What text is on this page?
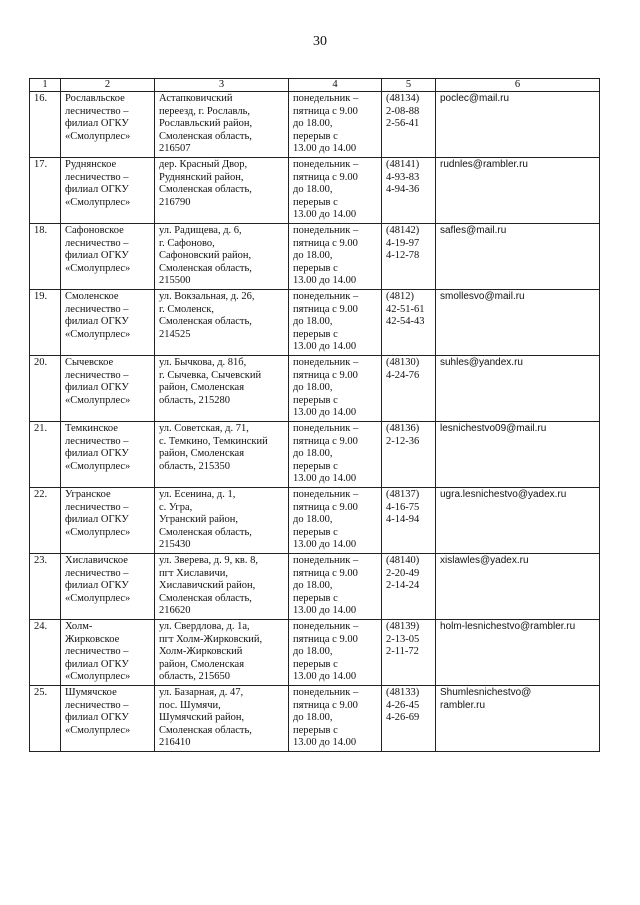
30
1	2	3	4	5	6
16.	Рославльское
лесничество –
филиал ОГКУ
«Смолупрлес»	Астапковичский
переезд, г. Рославль,
Рославльский район,
Смоленская область,
216507	понедельник –
пятница с 9.00
до 18.00,
перерыв с
13.00 до 14.00	(48134)
2-08-88
2-56-41	poclec@mail.ru

17.	Руднянское
лесничество –
филиал ОГКУ
«Смолупрлес»	дер. Красный Двор,
Руднянский район,
Смоленская область,
216790	понедельник –
пятница с 9.00
до 18.00,
перерыв с
13.00 до 14.00	(48141)
4-93-83
4-94-36	rudnles@rambler.ru

18.	Сафоновское
лесничество –
филиал ОГКУ
«Смолупрлес»	ул. Радищева, д. 6,
г. Сафоново,
Сафоновский район,
Смоленская область,
215500	понедельник –
пятница с 9.00
до 18.00,
перерыв с
13.00 до 14.00	(48142)
4-19-97
4-12-78	safles@mail.ru

19.	Смоленское
лесничество –
филиал ОГКУ
«Смолупрлес»	ул. Вокзальная, д. 26,
г. Смоленск,
Смоленская область,
214525	понедельник –
пятница с 9.00
до 18.00,
перерыв с
13.00 до 14.00	(4812)
42-51-61
42-54-43	smollesvo@mail.ru

20.	Сычевское
лесничество –
филиал ОГКУ
«Смолупрлес»	ул. Бычкова, д. 81б,
г. Сычевка, Сычевский
район, Смоленская
область, 215280	понедельник –
пятница с 9.00
до 18.00,
перерыв с
13.00 до 14.00	(48130)
4-24-76	suhles@yandex.ru

21.	Темкинское
лесничество –
филиал ОГКУ
«Смолупрлес»	ул. Советская, д. 71,
с. Темкино, Темкинский
район, Смоленская
область, 215350	понедельник –
пятница с 9.00
до 18.00,
перерыв с
13.00 до 14.00	(48136)
2-12-36	lesnichestvo09@mail.ru

22.	Угранское
лесничество –
филиал ОГКУ
«Смолупрлес»	ул. Есенина, д. 1,
с. Угра,
Угранский район,
Смоленская область,
215430	понедельник –
пятница с 9.00
до 18.00,
перерыв с
13.00 до 14.00	(48137)
4-16-75
4-14-94	ugra.lesnichestvo@yadex.ru

23.	Хиславичское
лесничество –
филиал ОГКУ
«Смолупрлес»	ул. Зверева, д. 9, кв. 8,
пгт Хиславичи,
Хиславичский район,
Смоленская область,
216620	понедельник –
пятница с 9.00
до 18.00,
перерыв с
13.00 до 14.00	(48140)
2-20-49
2-14-24	xislawles@yadex.ru

24.	Холм-
Жирковское
лесничество –
филиал ОГКУ
«Смолупрлес»	ул. Свердлова, д. 1а,
пгт Холм-Жирковский,
Холм-Жирковский
район, Смоленская
область, 215650	понедельник –
пятница с 9.00
до 18.00,
перерыв с
13.00 до 14.00	(48139)
2-13-05
2-11-72	holm-lesnichestvo@rambler.ru

25.	Шумячское
лесничество –
филиал ОГКУ
«Смолупрлес»	ул. Базарная, д. 47,
пос. Шумячи,
Шумячский район,
Смоленская область,
216410	понедельник –
пятница с 9.00
до 18.00,
перерыв с
13.00 до 14.00	(48133)
4-26-45
4-26-69	Shumlesnichestvo@
rambler.ru
